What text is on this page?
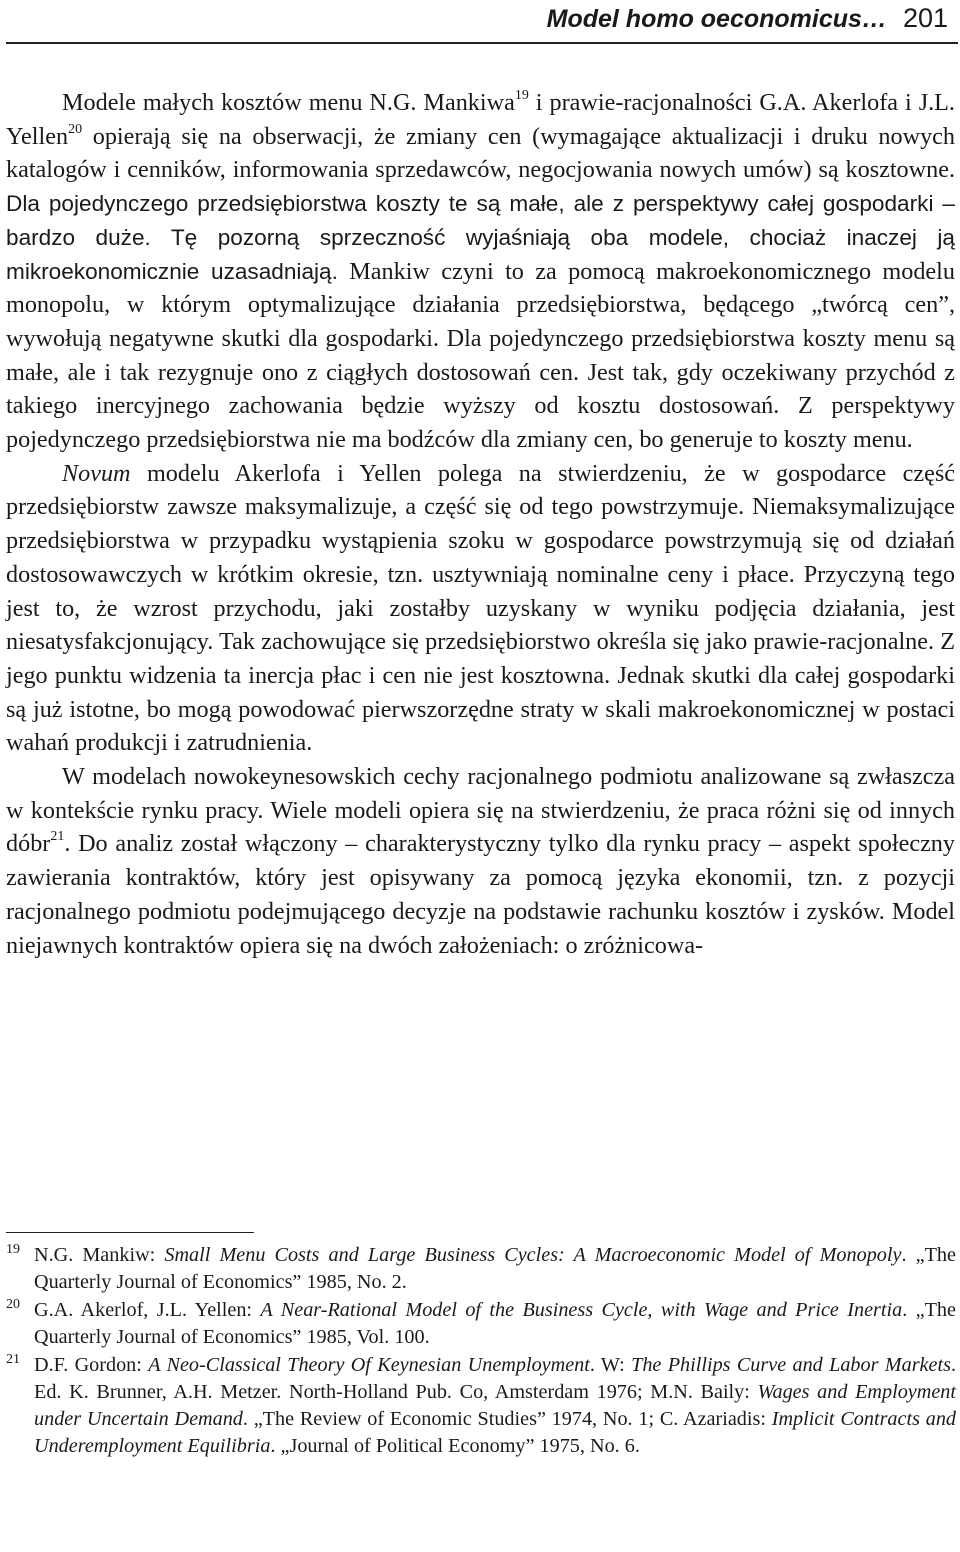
Model homo oeconomicus… 201

Modele małych kosztów menu N.G. Mankiwa$^{19}$ i prawie-racjonalności G.A. Akerlofa i J.L. Yellen$^{20}$ opierają się na obserwacji, że zmiany cen (wymagające aktualizacji i druku nowych katalogów i cenników, informowania sprzedawców, negocjowania nowych umów) są kosztowne. Dla pojedynczego przedsiębiorstwa koszty te są małe, ale z perspektywy całej gospodarki – bardzo duże. Tę pozorną sprzeczność wyjaśniają oba modele, chociaż inaczej ją mikroekonomicznie uzasadniają. Mankiw czyni to za pomocą makroekonomicznego modelu monopolu, w którym optymalizujące działania przedsiębiorstwa, będącego „twórcą cen”, wywołują negatywne skutki dla gospodarki. Dla pojedynczego przedsiębiorstwa koszty menu są małe, ale i tak rezygnuje ono z ciągłych dostosowań cen. Jest tak, gdy oczekiwany przychód z takiego inercyjnego zachowania będzie wyższy od kosztu dostosowań. Z perspektywy pojedynczego przedsiębiorstwa nie ma bodźców dla zmiany cen, bo generuje to koszty menu.

Novum modelu Akerlofa i Yellen polega na stwierdzeniu, że w gospodarce część przedsiębiorstw zawsze maksymalizuje, a część się od tego powstrzymuje. Niemaksymalizujące przedsiębiorstwa w przypadku wystąpienia szoku w gospodarce powstrzymują się od działań dostosowawczych w krótkim okresie, tzn. usztywniają nominalne ceny i płace. Przyczyną tego jest to, że wzrost przychodu, jaki zostałby uzyskany w wyniku podjęcia działania, jest niesatysfakcjonujący. Tak zachowujące się przedsiębiorstwo określa się jako prawie-racjonalne. Z jego punktu widzenia ta inercja płac i cen nie jest kosztowna. Jednak skutki dla całej gospodarki są już istotne, bo mogą powodować pierwszorzędne straty w skali makroekonomicznej w postaci wahań produkcji i zatrudnienia.

W modelach nowokeynesowskich cechy racjonalnego podmiotu analizowane są zwłaszcza w kontekście rynku pracy. Wiele modeli opiera się na stwierdzeniu, że praca różni się od innych dóbr$^{21}$. Do analiz został włączony – charakterystyczny tylko dla rynku pracy – aspekt społeczny zawierania kontraktów, który jest opisywany za pomocą języka ekonomii, tzn. z pozycji racjonalnego podmiotu podejmującego decyzje na podstawie rachunku kosztów i zysków. Model niejawnych kontraktów opiera się na dwóch założeniach: o zróżnicowa-

19 N.G. Mankiw: Small Menu Costs and Large Business Cycles: A Macroeconomic Model of Monopoly. „The Quarterly Journal of Economics” 1985, No. 2.

20 G.A. Akerlof, J.L. Yellen: A Near-Rational Model of the Business Cycle, with Wage and Price Inertia. „The Quarterly Journal of Economics” 1985, Vol. 100.

21 D.F. Gordon: A Neo-Classical Theory Of Keynesian Unemployment. W: The Phillips Curve and Labor Markets. Ed. K. Brunner, A.H. Metzer. North-Holland Pub. Co, Amsterdam 1976; M.N. Baily: Wages and Employment under Uncertain Demand. „The Review of Economic Studies” 1974, No. 1; C. Azariadis: Implicit Contracts and Underemployment Equilibria. „Journal of Political Economy” 1975, No. 6.
